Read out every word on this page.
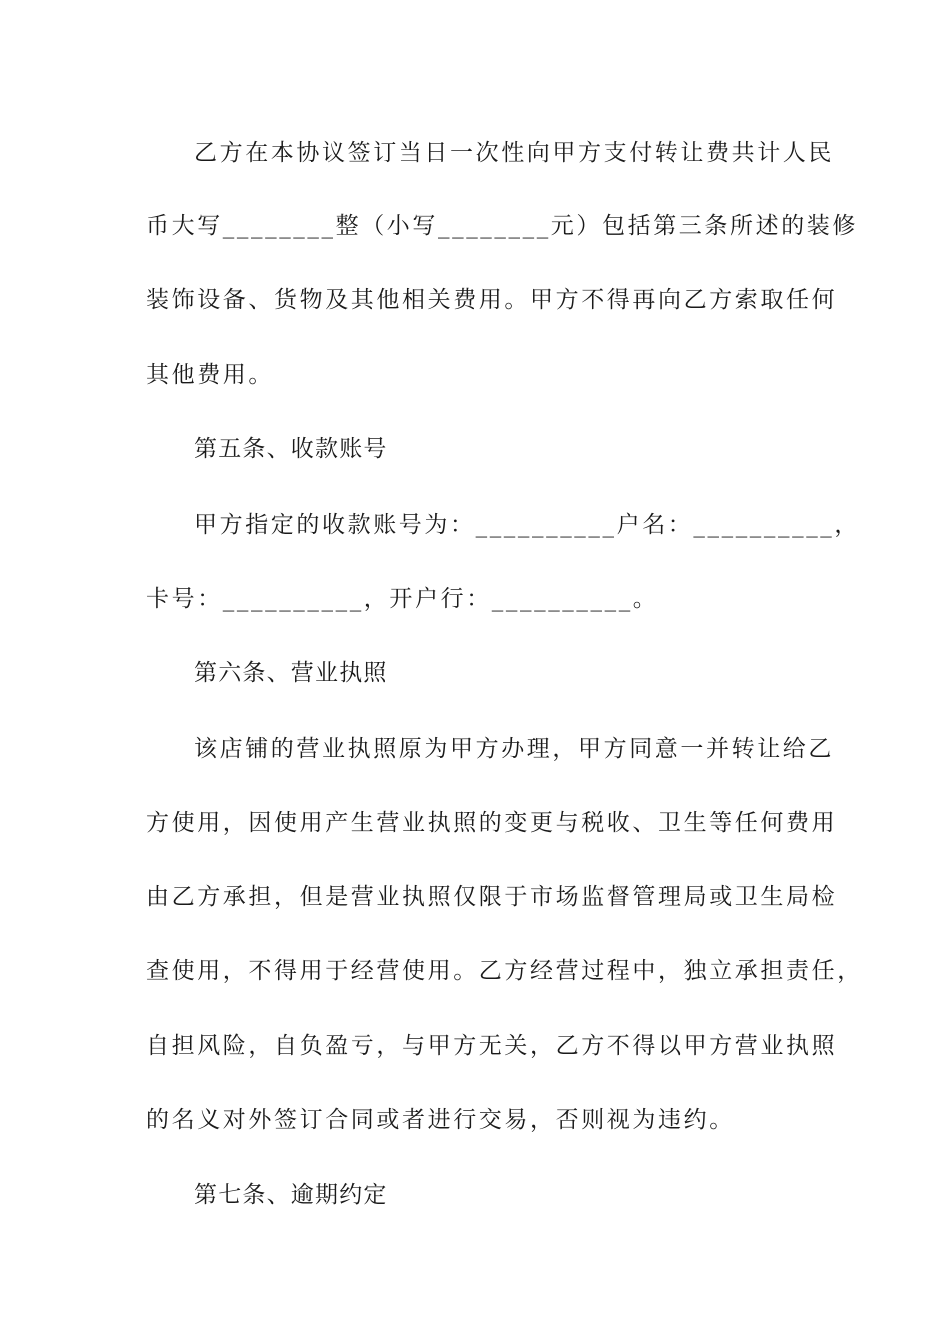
乙方在本协议签订当日一次性向甲方支付转让费共计人民
币大写________整（小写________元）包括第三条所述的装修
装饰设备、货物及其他相关费用。甲方不得再向乙方索取任何
其他费用。
第五条、收款账号
甲方指定的收款账号为：__________户名：__________，
卡号：__________，开户行：__________。
第六条、营业执照
该店铺的营业执照原为甲方办理，甲方同意一并转让给乙
方使用，因使用产生营业执照的变更与税收、卫生等任何费用
由乙方承担，但是营业执照仅限于市场监督管理局或卫生局检
查使用，不得用于经营使用。乙方经营过程中，独立承担责任，
自担风险，自负盈亏，与甲方无关，乙方不得以甲方营业执照
的名义对外签订合同或者进行交易，否则视为违约。
第七条、逾期约定
